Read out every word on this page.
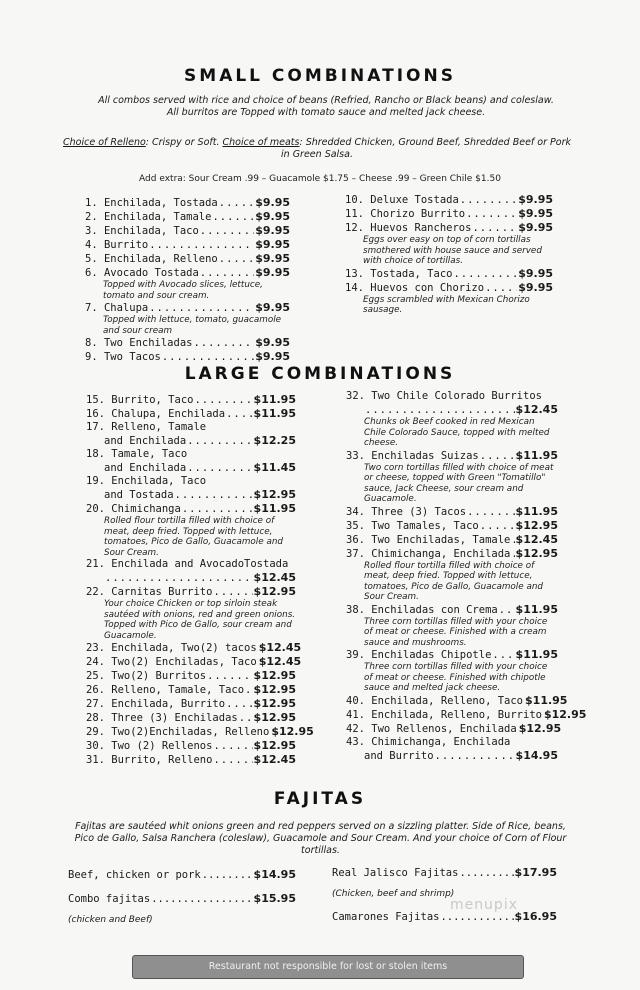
SMALL COMBINATIONS
All combos served with rice and choice of beans (Refried, Rancho or Black beans) and coleslaw. All burritos are Topped with tomato sauce and melted jack cheese.
Choice of Relleno: Crispy or Soft. Choice of meats: Shredded Chicken, Ground Beef, Shredded Beef or Pork in Green Salsa.
Add extra: Sour Cream .99 – Guacamole $1.75 – Cheese .99 – Green Chile $1.50
1. Enchilada, Tostada .....	$9.95
2. Enchilada, Tamale .....	$9.95
3. Enchilada, Taco .....	$9.95
4. Burrito .....	$9.95
5. Enchilada, Relleno .....	$9.95
6. Avocado Tostada .....	$9.95
Topped with Avocado slices, lettuce, tomato and sour cream.
7. Chalupa .....	$9.95
Topped with lettuce, tomato, guacamole and sour cream
8. Two Enchiladas .....	$9.95
9. Two Tacos .....	$9.95
10. Deluxe Tostada .....	$9.95
11. Chorizo Burrito .....	$9.95
12. Huevos Rancheros .....	$9.95
Eggs over easy on top of corn tortillas smothered with house sauce and served with choice of tortillas.
13. Tostada, Taco .....	$9.95
14. Huevos con Chorizo .....	$9.95
Eggs scrambled with Mexican Chorizo sausage.
LARGE COMBINATIONS
15. Burrito, Taco .....	$11.95
16. Chalupa, Enchilada .....	$11.95
17. Relleno, Tamale
and Enchilada .....	$12.25
18. Tamale, Taco
and Enchilada .....	$11.45
19. Enchilada, Taco
and Tostada .....	$12.95
20. Chimichanga .....	$11.95
Rolled flour tortilla filled with choice of meat, deep fried. Topped with lettuce, tomatoes, Pico de Gallo, Guacamole and Sour Cream.
21. Enchilada and AvocadoTostada
.....
$12.45
22. Carnitas Burrito .....	$12.95
Your choice Chicken or top sirloin steak sautéed with onions, red and green onions. Topped with Pico de Gallo, sour cream and Guacamole.
23. Enchilada, Two(2) tacos $12.45
24. Two(2) Enchiladas, Taco $12.45
25. Two(2) Burritos .....	$12.95
26. Relleno, Tamale, Taco ..... $12.95
27. Enchilada, Burrito .....	$12.95
28. Three (3) Enchiladas ..... $12.95
29. Two(2)Enchiladas, Relleno $12.95
30. Two (2) Rellenos .....	$12.95
31. Burrito, Relleno .....	$12.45
32. Two Chile Colorado Burritos
.....
$12.45
Chunks ok Beef cooked in red Mexican Chile Colorado Sauce, topped with melted cheese.
33. Enchiladas Suizas .....	$11.95
Two corn tortillas filled with choice of meat or cheese, topped with Green "Tomatillo" sauce, Jack Cheese, sour cream and Guacamole.
34. Three (3) Tacos .....	$11.95
35. Two Tamales, Taco .....	$12.95
36. Two Enchiladas, Tamale ..... $12.45
37. Chimichanga, Enchilada ..... $12.95
Rolled flour tortilla filled with choice of meat, deep fried. Topped with lettuce, tomatoes, Pico de Gallo, Guacamole and Sour Cream.
38. Enchiladas con Crema ..... $11.95
Three corn tortillas filled with your choice of meat or cheese. Finished with a cream sauce and mushrooms.
39. Enchiladas Chipotle ..... $11.95
Three corn tortillas filled with your choice of meat or cheese. Finished with chipotle sauce and melted jack cheese.
40. Enchilada, Relleno, Taco $11.95
41. Enchilada, Relleno, Burrito $12.95
42. Two Rellenos, Enchilada $12.95
43. Chimichanga, Enchilada
and Burrito .....	$14.95
FAJITAS
Fajitas are sautéed whit onions green and red peppers served on a sizzling platter. Side of Rice, beans, Pico de Gallo, Salsa Ranchera (coleslaw), Guacamole and Sour Cream. And your choice of Corn of Flour tortillas.
Beef, chicken or pork .....	$14.95
Combo fajitas .....	$15.95
(chicken and Beef)
Real Jalisco Fajitas .....	$17.95
(Chicken, beef and shrimp)
Camarones Fajitas .....	$16.95
menupix
Restaurant not responsible for lost or stolen items
